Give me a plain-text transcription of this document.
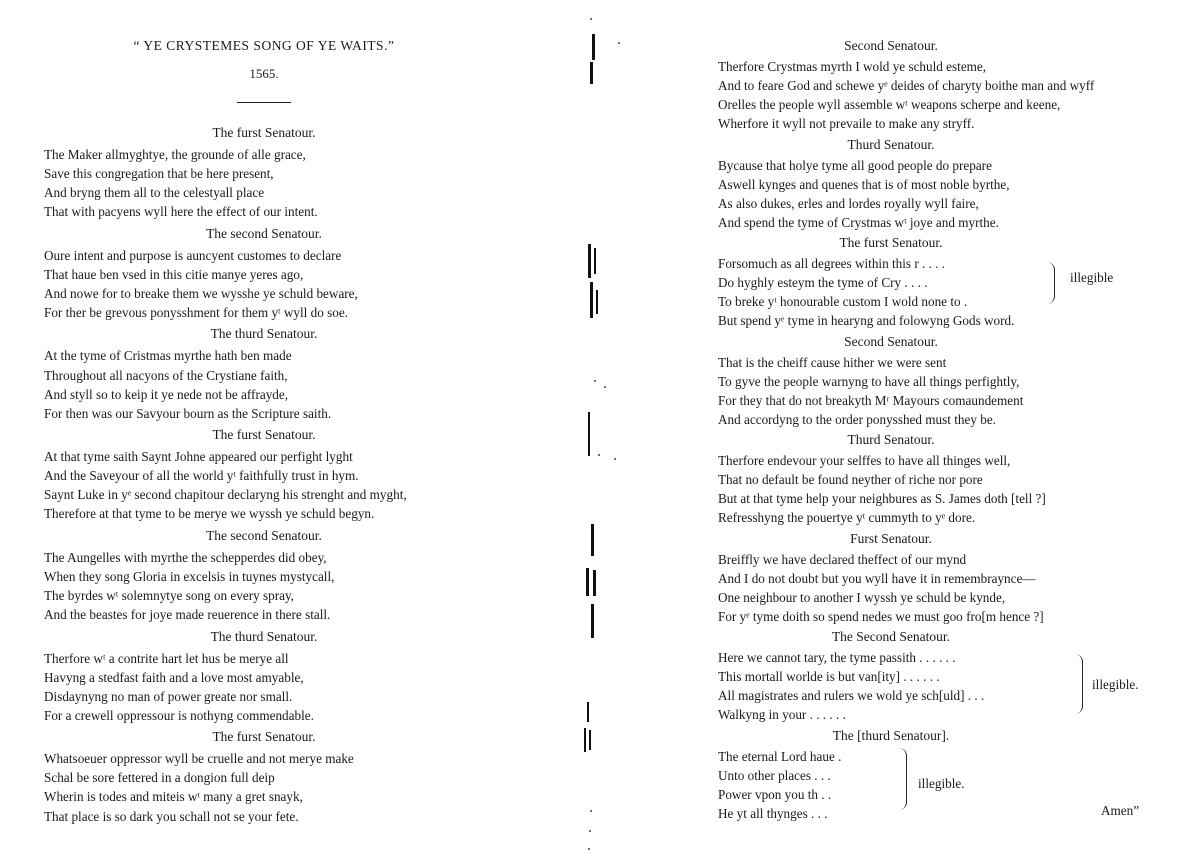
“ YE CRYSTEMES SONG OF YE WAITS.”
1565.
The furst Senatour.
The Maker allmyghtye, the grounde of alle grace,
Save this congregation that be here present,
And bryng them all to the celestyall place
That with pacyens wyll here the effect of our intent.
The second Senatour.
Oure intent and purpose is auncyent customes to declare
That haue ben vsed in this citie manye yeres ago,
And nowe for to breake them we wysshe ye schuld beware,
For ther be grevous ponysshment for them yᵗ wyll do soe.
The thurd Senatour.
At the tyme of Cristmas myrthe hath ben made
Throughout all nacyons of the Crystiane faith,
And styll so to keip it ye nede not be affrayde,
For then was our Savyour bourn as the Scripture saith.
The furst Senatour.
At that tyme saith Saynt Johne appeared our perfight lyght
And the Saveyour of all the world yᵗ faithfully trust in hym.
Saynt Luke in yᵉ second chapitour declaryng his strenght and myght,
Therefore at that tyme to be merye we wyssh ye schuld begyn.
The second Senatour.
The Aungelles with myrthe the schepperdes did obey,
When they song Gloria in excelsis in tuynes mystycall,
The byrdes wᵗ solemnytye song on every spray,
And the beastes for joye made reuerence in there stall.
The thurd Senatour.
Therfore wᵗ a contrite hart let hus be merye all
Havyng a stedfast faith and a love most amyable,
Disdaynyng no man of power greate nor small.
For a crewell oppressour is nothyng commendable.
The furst Senatour.
Whatsoeuer oppressor wyll be cruelle and not merye make
Schal be sore fettered in a dongion full deip
Wherin is todes and miteis wᵗ many a gret snayk,
That place is so dark you schall not se your fete.
Second Senatour.
Therfore Crystmas myrth I wold ye schuld esteme,
And to feare God and schewe yᵉ deides of charyty boithe man and wyff
Orelles the people wyll assemble wᵗ weapons scherpe and keene,
Wherfore it wyll not prevaile to make any stryff.
Thurd Senatour.
Bycause that holye tyme all good people do prepare
Aswell kynges and quenes that is of most noble byrthe,
As also dukes, erles and lordes royally wyll faire,
And spend the tyme of Crystmas wᵗ joye and myrthe.
The furst Senatour.
Forsomuch as all degrees within this r . . . .
Do hyghly esteym the tyme of Cry . . . .
To breke yᵗ honourable custom I wold none to .
But spend yᵉ tyme in hearyng and folowyng Gods word.
Second Senatour.
That is the cheiff cause hither we were sent
To gyve the people warnyng to have all things perfightly,
For they that do not breakyth Mʳ Mayours comaundement
And accordyng to the order ponysshed must they be.
Thurd Senatour.
Therfore endevour your selffes to have all thinges well,
That no default be found neyther of riche nor pore
But at that tyme help your neighbures as S. James doth [tell ?]
Refresshyng the pouertye yᵗ cummyth to yᵉ dore.
Furst Senatour.
Breiffly we have declared theffect of our mynd
And I do not doubt but you wyll have it in remembraynce—
One neighbour to another I wyssh ye schuld be kynde,
For yᵉ tyme doith so spend nedes we must goo fro[m hence ?]
The Second Senatour.
Here we cannot tary, the tyme passith . . . . . .
This mortall worlde is but van[ity] . . . . . .
All magistrates and rulers we wold ye sch[uld] . . .
Walkyng in your . . . . . .
The [thurd Senatour].
The eternal Lord haue .
Unto other places . . .
Power vpon you th . .
He yt all thynges . . .
illegible
illegible.
illegible.
Amen”
